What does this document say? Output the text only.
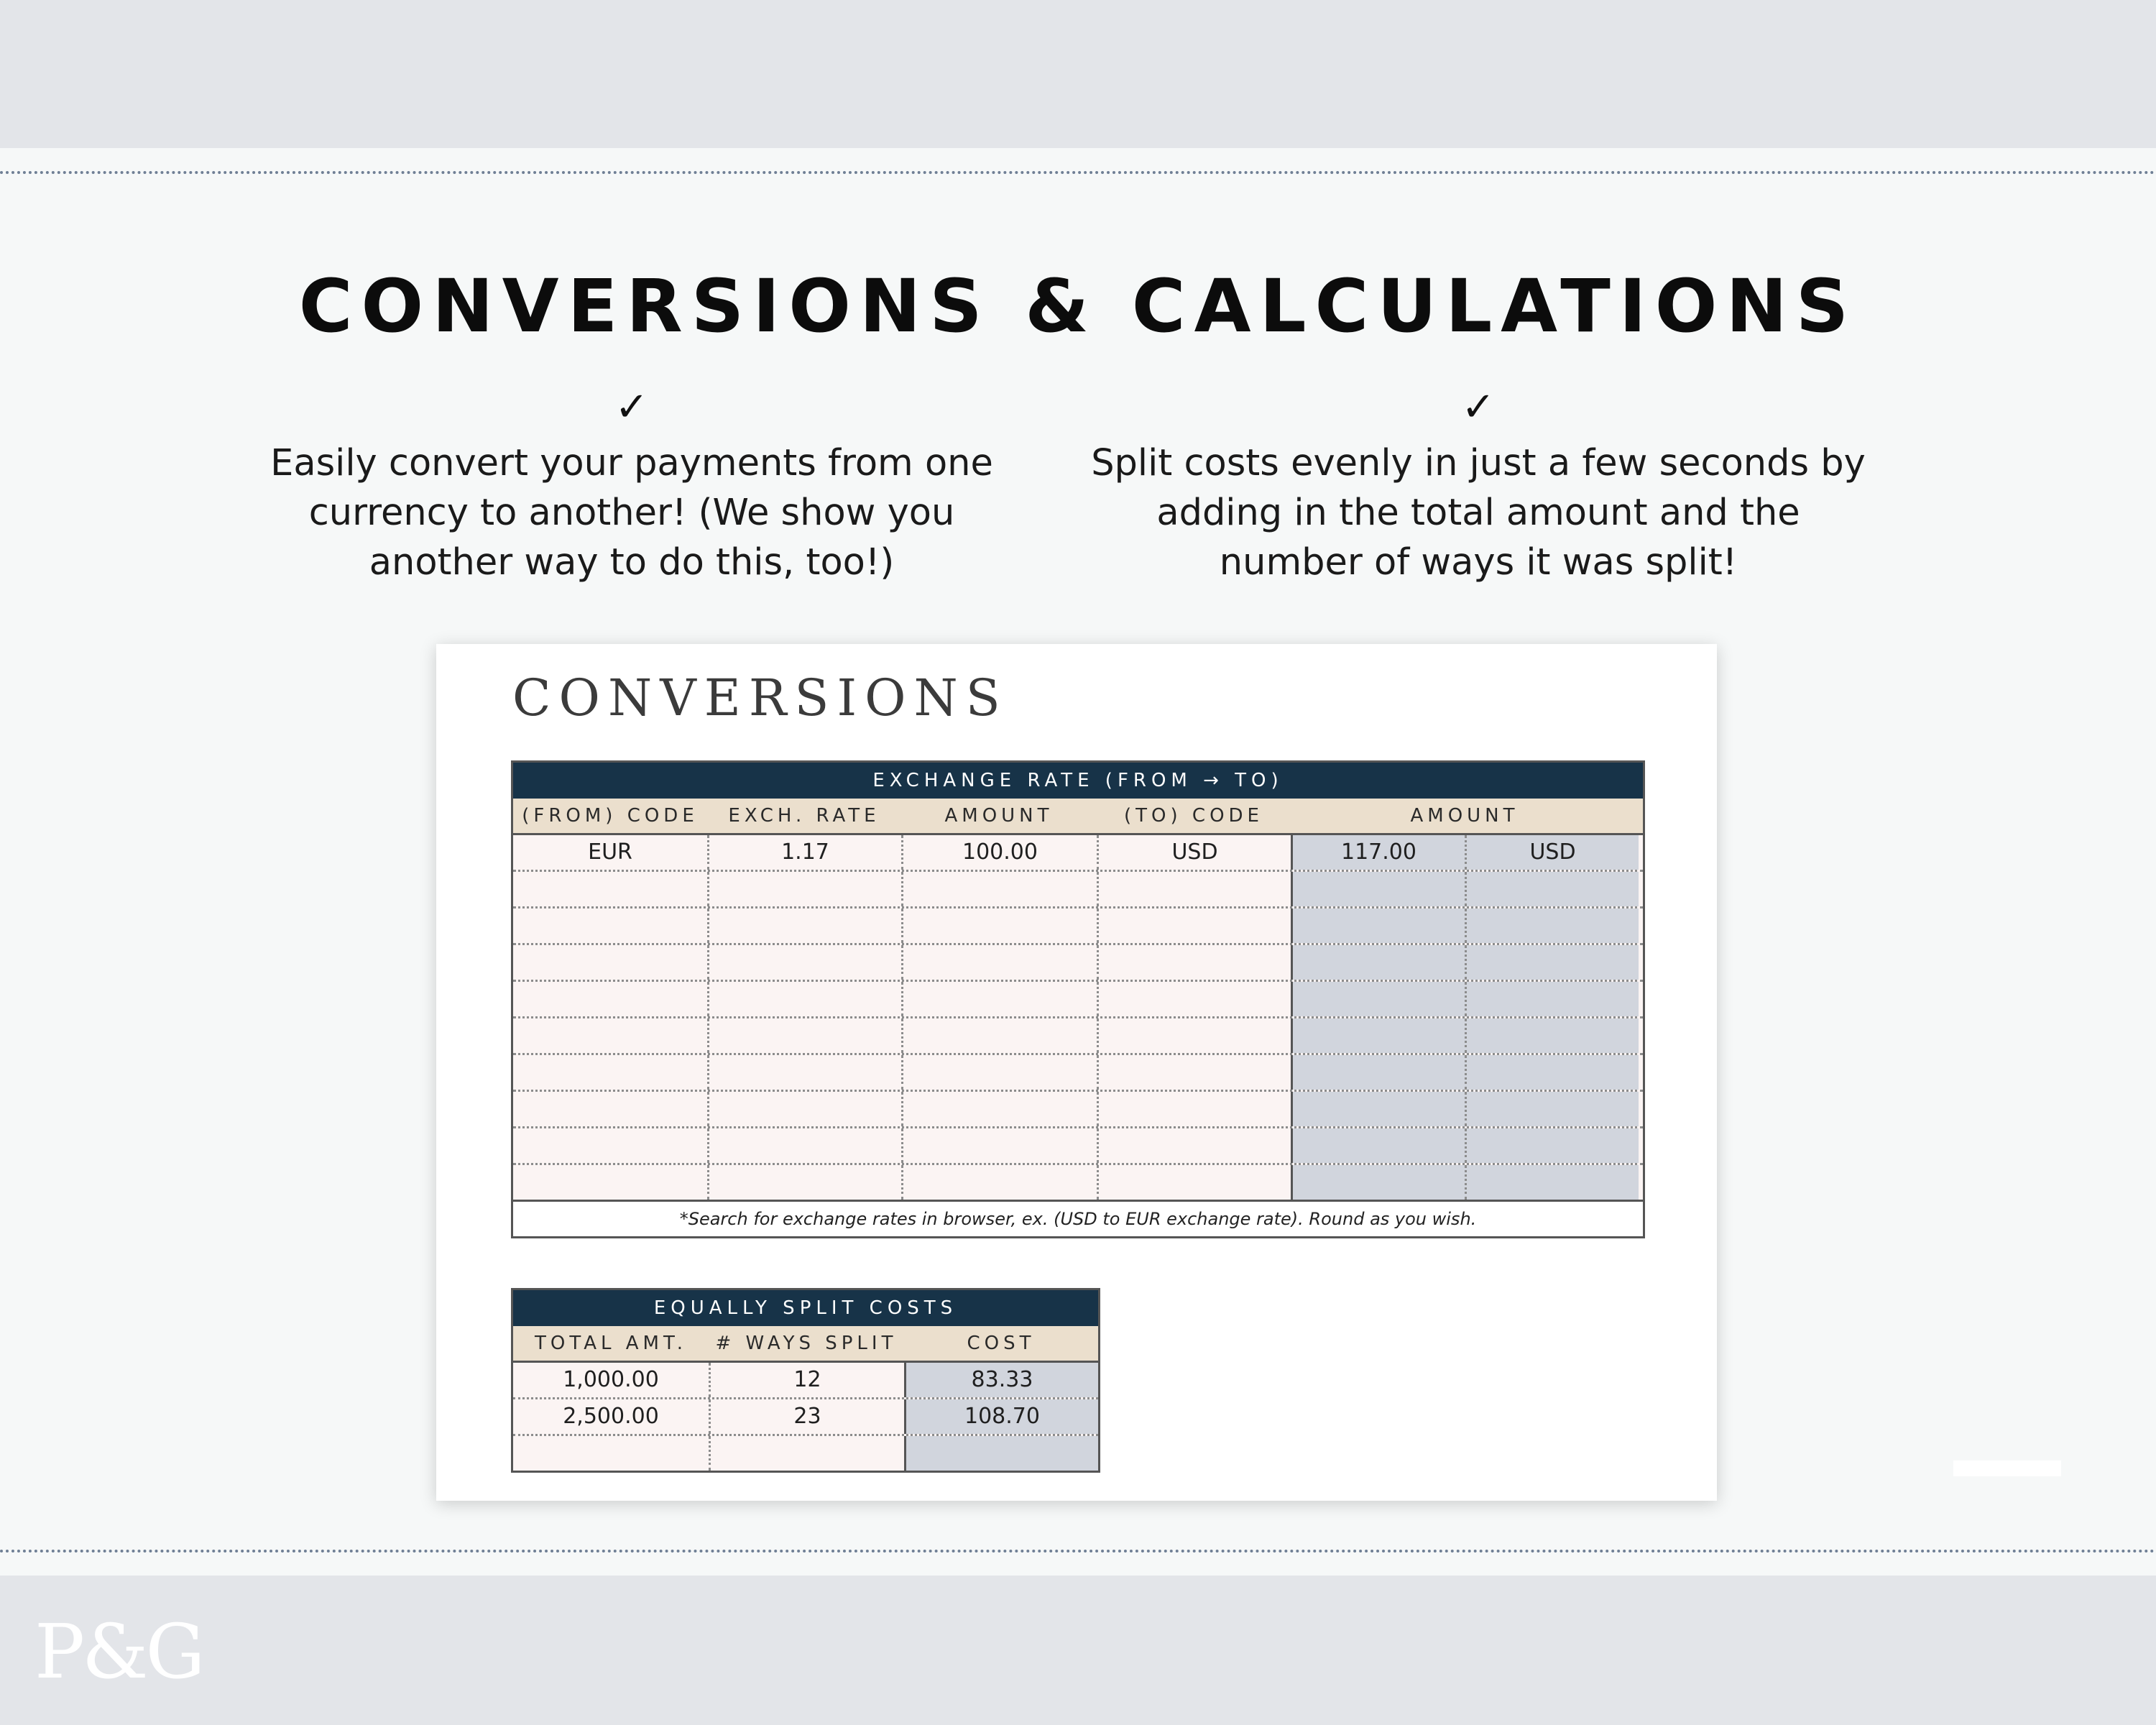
CONVERSIONS & CALCULATIONS
✓
Easily convert your payments from one currency to another! (We show you another way to do this, too!)
✓
Split costs evenly in just a few seconds by adding in the total amount and the number of ways it was split!
CONVERSIONS
EXCHANGE RATE (FROM → TO)
(FROM) CODE	EXCH. RATE	AMOUNT	(TO) CODE	AMOUNT
EUR	1.17	100.00	USD	117.00	USD
*Search for exchange rates in browser, ex. (USD to EUR exchange rate). Round as you wish.
EQUALLY SPLIT COSTS
TOTAL AMT.	# WAYS SPLIT	COST
1,000.00	12	83.33
2,500.00	23	108.70
P&G
